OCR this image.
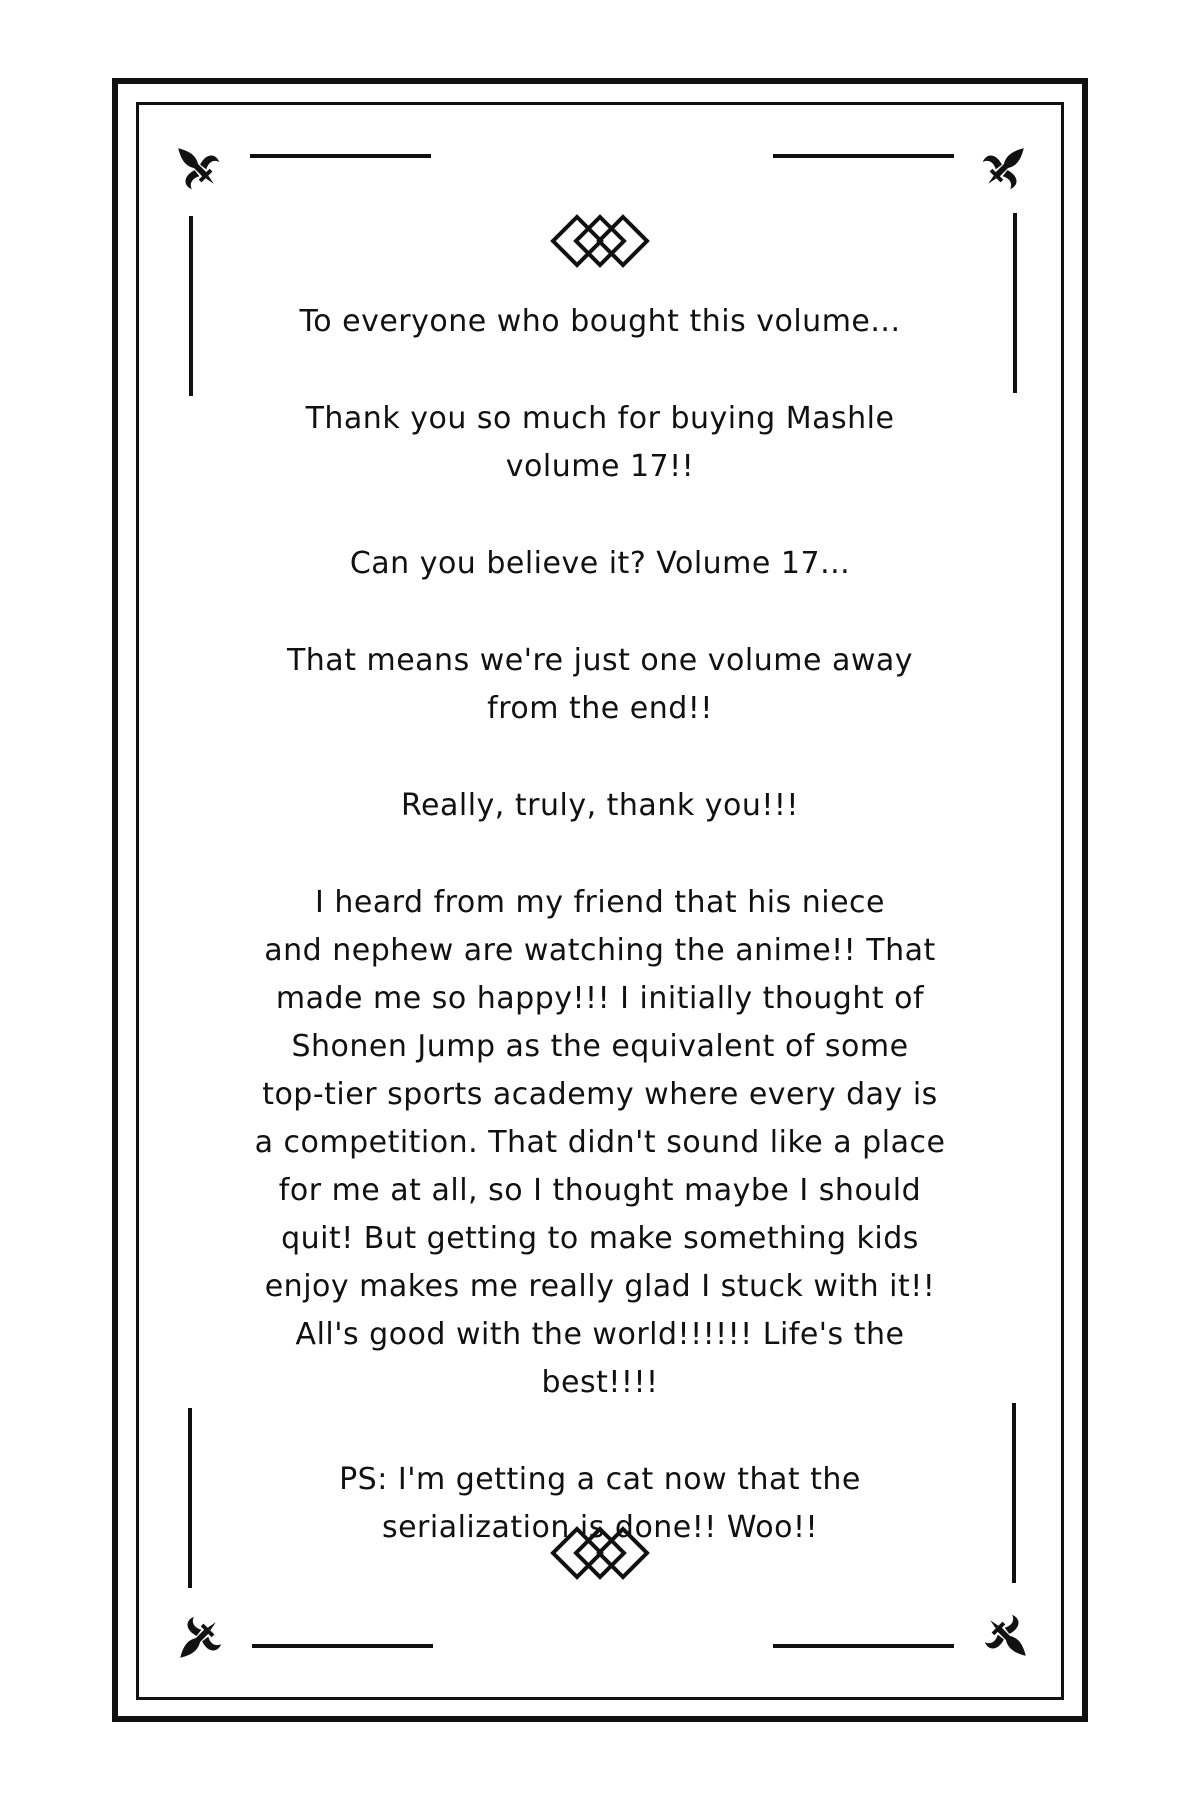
To everyone who bought this volume...

Thank you so much for buying Mashle

volume 17!!

Can you believe it? Volume 17...

That means we're just one volume away

from the end!!

Really, truly, thank you!!!

I heard from my friend that his niece

and nephew are watching the anime!! That

made me so happy!!! I initially thought of

Shonen Jump as the equivalent of some

top-tier sports academy where every day is

a competition. That didn't sound like a place

for me at all, so I thought maybe I should

quit! But getting to make something kids

enjoy makes me really glad I stuck with it!!

All's good with the world!!!!!! Life's the best!!!!

PS: I'm getting a cat now that the

serialization is done!! Woo!!
